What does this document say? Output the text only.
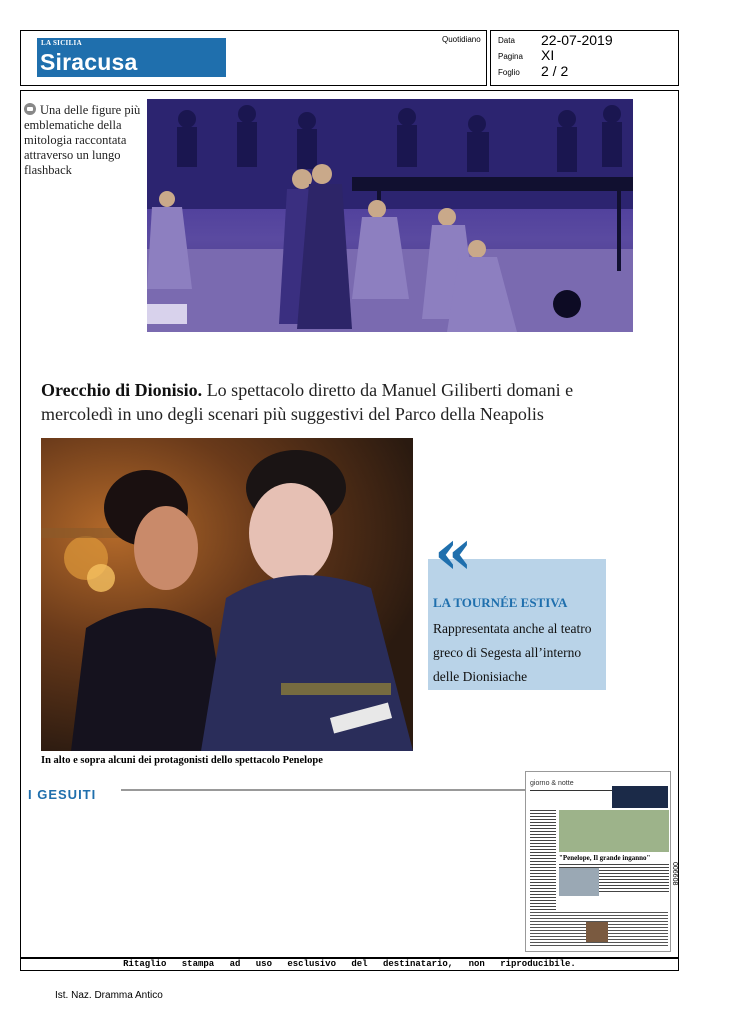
LA SICILIA
Siracusa
Quotidiano Data 22-07-2019
Pagina XI
Foglio 2 / 2
Una delle figure più emblematiche della mitologia raccontata attraverso un lungo flashback
Orecchio di Dionisio. Lo spettacolo diretto da Manuel Giliberti domani e mercoledì in uno degli scenari più suggestivi del Parco della Neapolis
«
LA TOURNÉE ESTIVA
Rappresentata anche al teatro greco di Segesta all’interno delle Dionisiache
In alto e sopra alcuni dei protagonisti dello spettacolo Penelope
I GESUITI
giorno & notte
"Penelope, Il grande inganno"
006608
Ritaglio stampa ad uso esclusivo del destinatario, non riproducibile.
Ist. Naz. Dramma Antico
